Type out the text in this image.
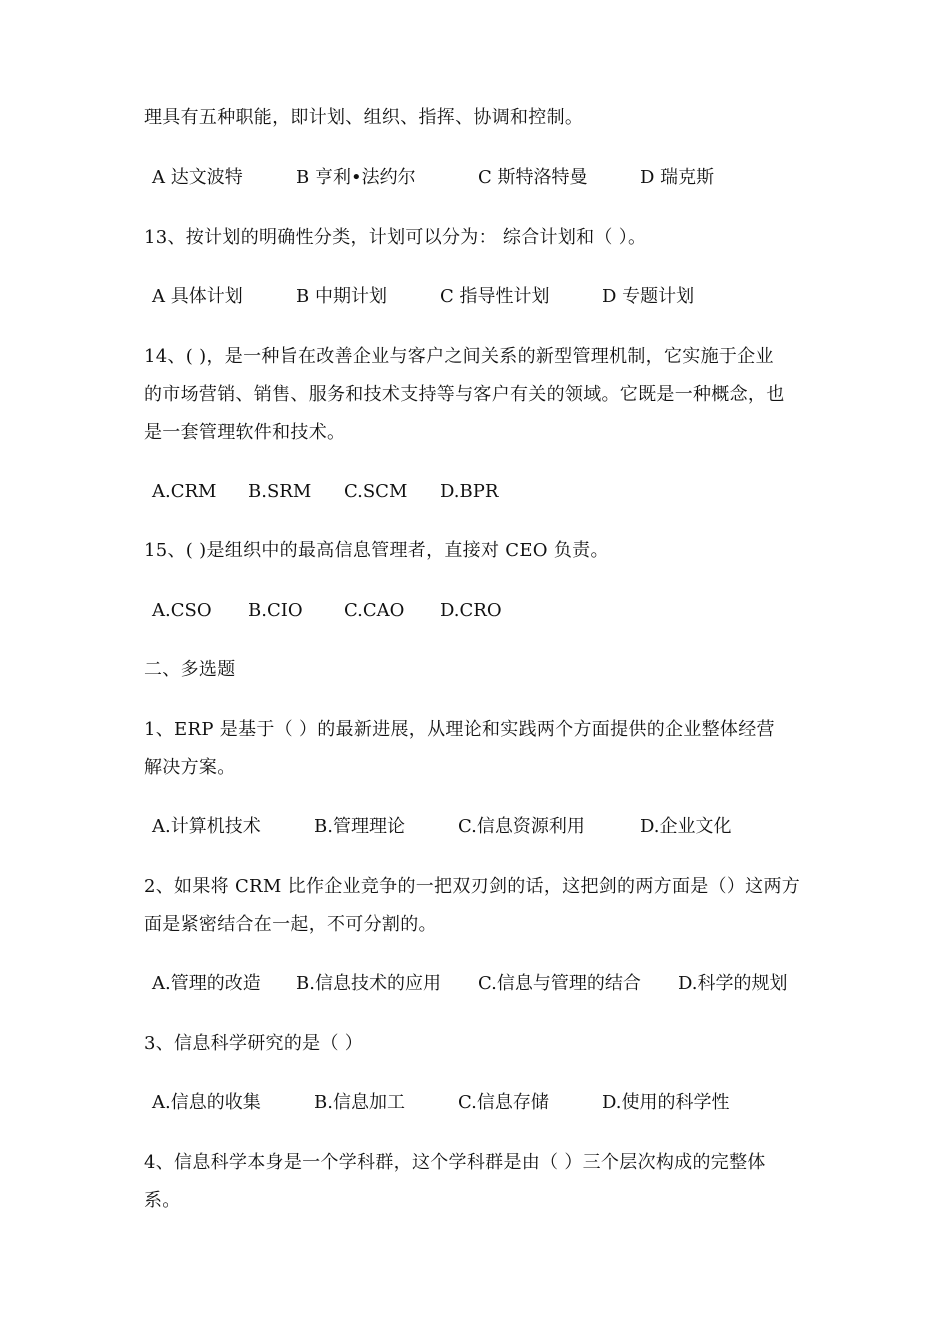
理具有五种职能，即计划、组织、指挥、协调和控制。
A 达文波特	B 亨利•法约尔	C 斯特洛特曼	D 瑞克斯
13、按计划的明确性分类，计划可以分为： 综合计划和（ ）。
A 具体计划	B 中期计划	C 指导性计划	D 专题计划
14、( )，是一种旨在改善企业与客户之间关系的新型管理机制，它实施于企业
的市场营销、销售、服务和技术支持等与客户有关的领域。它既是一种概念，也
是一套管理软件和技术。
A.CRM B.SRM C.SCM D.BPR
15、( )是组织中的最高信息管理者，直接对 CEO 负责。
A.CSO B.CIO C.CAO D.CRO
二、多选题
1、ERP 是基于（ ）的最新进展，从理论和实践两个方面提供的企业整体经营
解决方案。
A.计算机技术	B.管理理论	C.信息资源利用	D.企业文化
2、如果将 CRM 比作企业竞争的一把双刃剑的话，这把剑的两方面是（）这两方
面是紧密结合在一起，不可分割的。
A.管理的改造 B.信息技术的应用 C.信息与管理的结合 D.科学的规划
3、信息科学研究的是（ ）
A.信息的收集	B.信息加工	C.信息存储	D.使用的科学性
4、信息科学本身是一个学科群，这个学科群是由（ ）三个层次构成的完整体
系。
